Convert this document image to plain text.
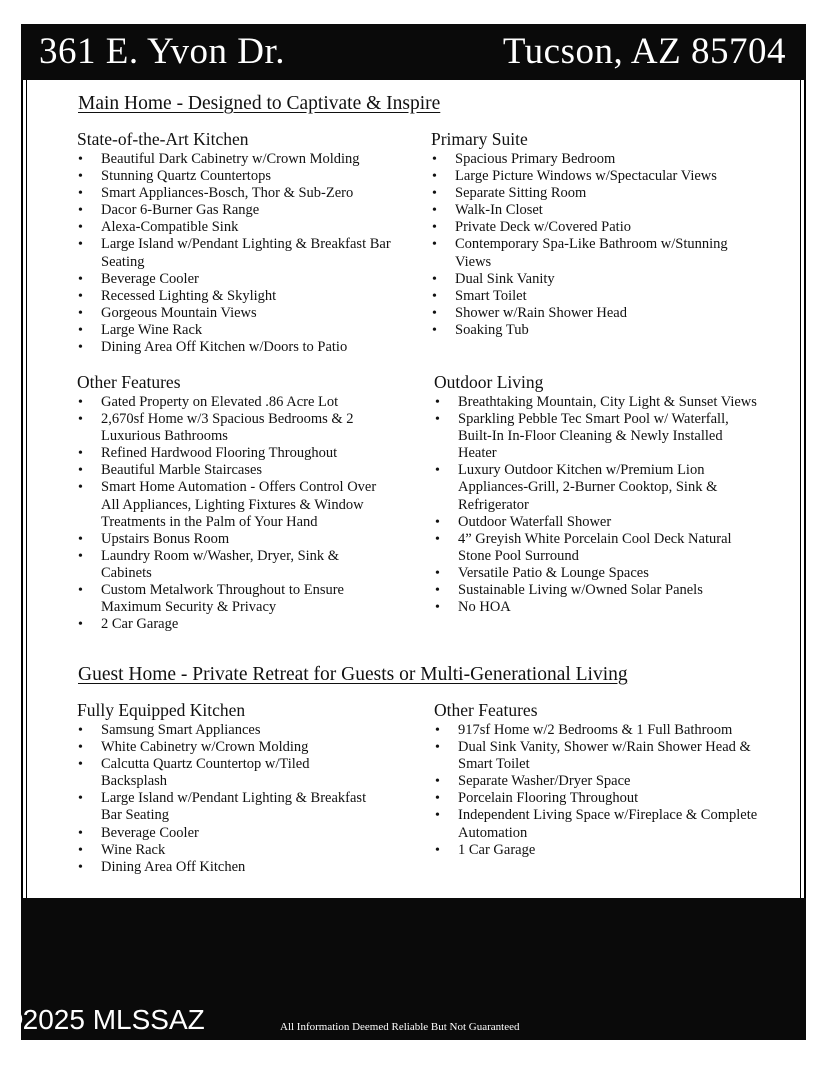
361 E. Yvon Dr.	Tucson, AZ 85704
Main Home - Designed to Captivate & Inspire
State-of-the-Art Kitchen
• Beautiful Dark Cabinetry w/Crown Molding
• Stunning Quartz Countertops
• Smart Appliances-Bosch, Thor & Sub-Zero
• Dacor 6-Burner Gas Range
• Alexa-Compatible Sink
• Large Island w/Pendant Lighting & Breakfast Bar Seating
• Beverage Cooler
• Recessed Lighting & Skylight
• Gorgeous Mountain Views
• Large Wine Rack
• Dining Area Off Kitchen w/Doors to Patio
Primary Suite
• Spacious Primary Bedroom
• Large Picture Windows w/Spectacular Views
• Separate Sitting Room
• Walk-In Closet
• Private Deck w/Covered Patio
• Contemporary Spa-Like Bathroom w/Stunning Views
• Dual Sink Vanity
• Smart Toilet
• Shower w/Rain Shower Head
• Soaking Tub
Other Features
• Gated Property on Elevated .86 Acre Lot
• 2,670sf Home w/3 Spacious Bedrooms & 2 Luxurious Bathrooms
• Refined Hardwood Flooring Throughout
• Beautiful Marble Staircases
• Smart Home Automation - Offers Control Over All Appliances, Lighting Fixtures & Window Treatments in the Palm of Your Hand
• Upstairs Bonus Room
• Laundry Room w/Washer, Dryer, Sink & Cabinets
• Custom Metalwork Throughout to Ensure Maximum Security & Privacy
• 2 Car Garage
Outdoor Living
• Breathtaking Mountain, City Light & Sunset Views
• Sparkling Pebble Tec Smart Pool w/ Waterfall, Built-In In-Floor Cleaning & Newly Installed Heater
• Luxury Outdoor Kitchen w/Premium Lion Appliances-Grill, 2-Burner Cooktop, Sink & Refrigerator
• Outdoor Waterfall Shower
• 4” Greyish White Porcelain Cool Deck Natural Stone Pool Surround
• Versatile Patio & Lounge Spaces
• Sustainable Living w/Owned Solar Panels
• No HOA
Guest Home - Private Retreat for Guests or Multi-Generational Living
Fully Equipped Kitchen
• Samsung Smart Appliances
• White Cabinetry w/Crown Molding
• Calcutta Quartz Countertop w/Tiled Backsplash
• Large Island w/Pendant Lighting & Breakfast Bar Seating
• Beverage Cooler
• Wine Rack
• Dining Area Off Kitchen
Other Features
• 917sf Home w/2 Bedrooms & 1 Full Bathroom
• Dual Sink Vanity, Shower w/Rain Shower Head & Smart Toilet
• Separate Washer/Dryer Space
• Porcelain Flooring Throughout
• Independent Living Space w/Fireplace & Complete Automation
• 1 Car Garage
©2025 MLSSAZ	All Information Deemed Reliable But Not Guaranteed
